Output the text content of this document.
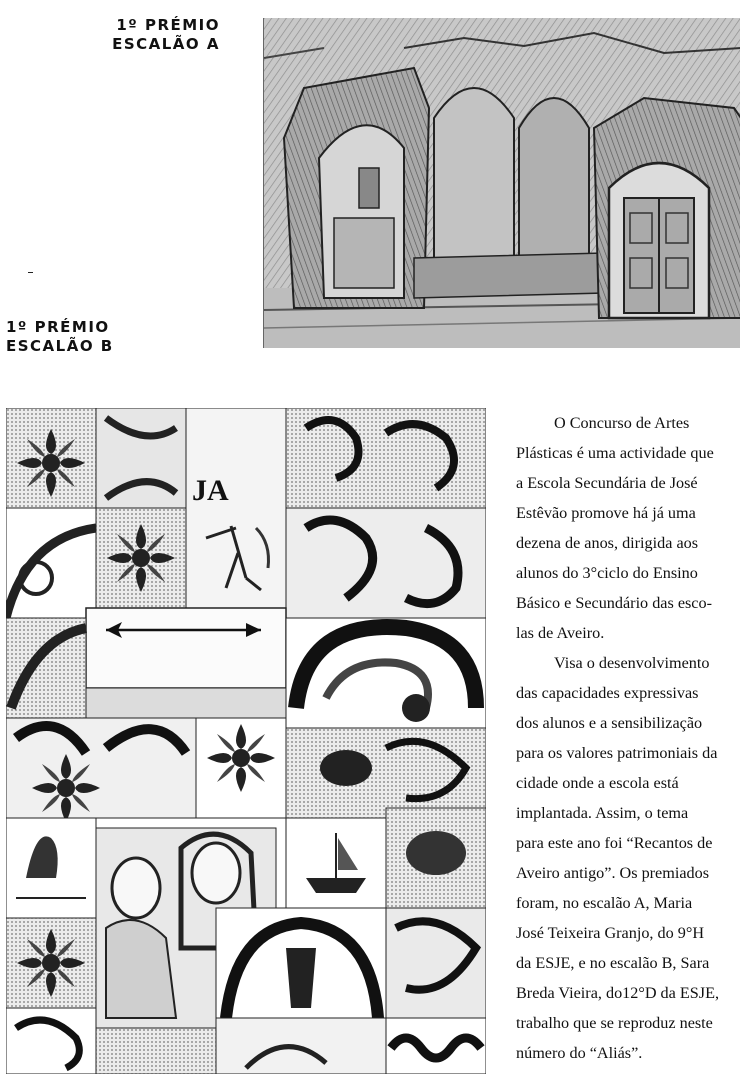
1º PRÉMIO
ESCALÃO A
1º PRÉMIO
ESCALÃO B
JA

O Concurso de Artes
Plásticas é uma actividade que
a Escola Secundária de José
Estêvão promove há já uma
dezena de anos, dirigida aos
alunos do 3°ciclo do Ensino
Básico e Secundário das esco-
las de Aveiro.

Visa o desenvolvimento
das capacidades expressivas
dos alunos e a sensibilização
para os valores patrimoniais da
cidade onde a escola está
implantada. Assim, o tema
para este ano foi “Recantos de
Aveiro antigo”. Os premiados
foram, no escalão A, Maria
José Teixeira Granjo, do 9°H
da ESJE, e no escalão B, Sara
Breda Vieira, do12°D da ESJE,
trabalho que se reproduz neste
número do “Aliás”.
